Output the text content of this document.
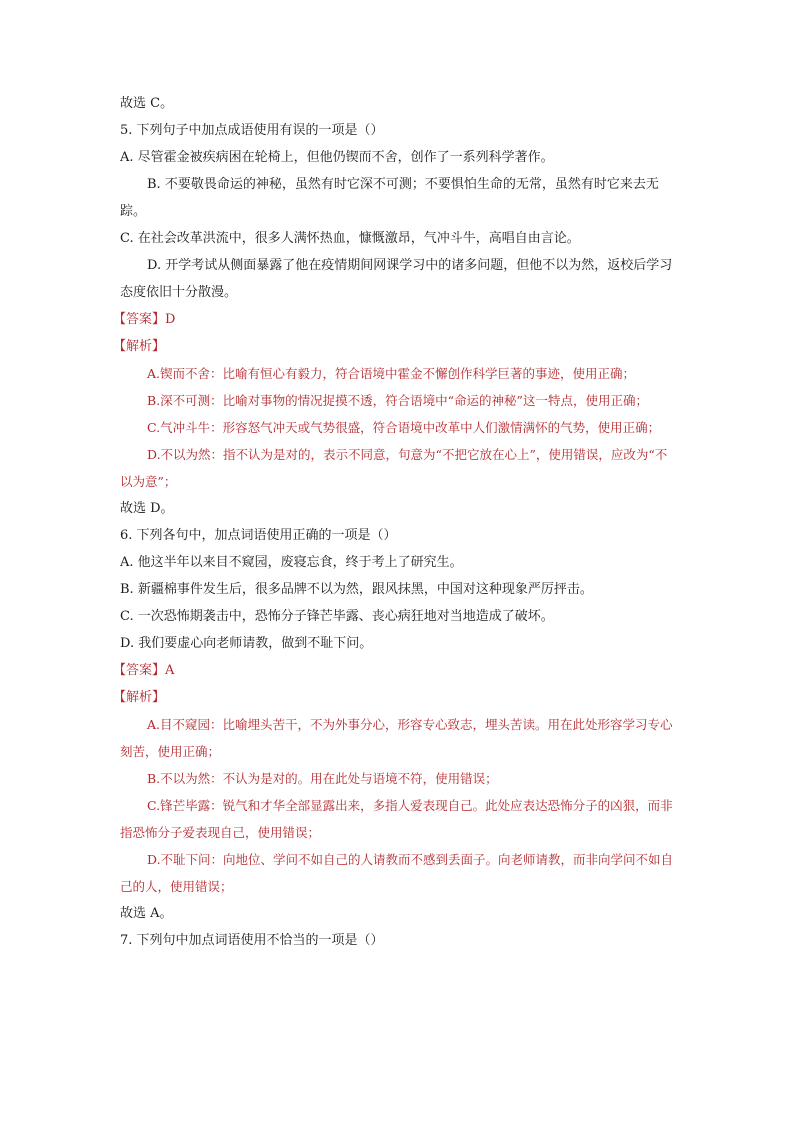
故选 C。
5. 下列句子中加点成语使用有误的一项是（）
A. 尽管霍金被疾病困在轮椅上，但他仍锲而不舍，创作了一系列科学著作。
B. 不要敬畏命运的神秘，虽然有时它深不可测；不要惧怕生命的无常，虽然有时它来去无踪。
C. 在社会改革洪流中，很多人满怀热血，慷慨激昂，气冲斗牛，高唱自由言论。
D. 开学考试从侧面暴露了他在疫情期间网课学习中的诸多问题，但他不以为然，返校后学习态度依旧十分散漫。
【答案】D
【解析】
A.锲而不舍：比喻有恒心有毅力，符合语境中霍金不懈创作科学巨著的事迹，使用正确；
B.深不可测：比喻对事物的情况捉摸不透，符合语境中“命运的神秘”这一特点，使用正确；
C.气冲斗牛：形容怒气冲天或气势很盛，符合语境中改革中人们激情满怀的气势，使用正确；
D.不以为然：指不认为是对的，表示不同意，句意为“不把它放在心上”，使用错误，应改为“不以为意”；
故选 D。
6. 下列各句中，加点词语使用正确的一项是（）
A. 他这半年以来目不窥园，废寝忘食，终于考上了研究生。
B. 新疆棉事件发生后，很多品牌不以为然，跟风抹黑，中国对这种现象严厉抨击。
C. 一次恐怖期袭击中，恐怖分子锋芒毕露、丧心病狂地对当地造成了破坏。
D. 我们要虚心向老师请教，做到不耻下问。
【答案】A
【解析】
A.目不窥园：比喻埋头苦干，不为外事分心，形容专心致志，埋头苦读。用在此处形容学习专心刻苦，使用正确；
B.不以为然：不认为是对的。用在此处与语境不符，使用错误；
C.锋芒毕露：锐气和才华全部显露出来，多指人爱表现自己。此处应表达恐怖分子的凶狠，而非指恐怖分子爱表现自己，使用错误；
D.不耻下问：向地位、学问不如自己的人请教而不感到丢面子。向老师请教，而非向学问不如自己的人，使用错误；
故选 A。
7. 下列句中加点词语使用不恰当的一项是（）
